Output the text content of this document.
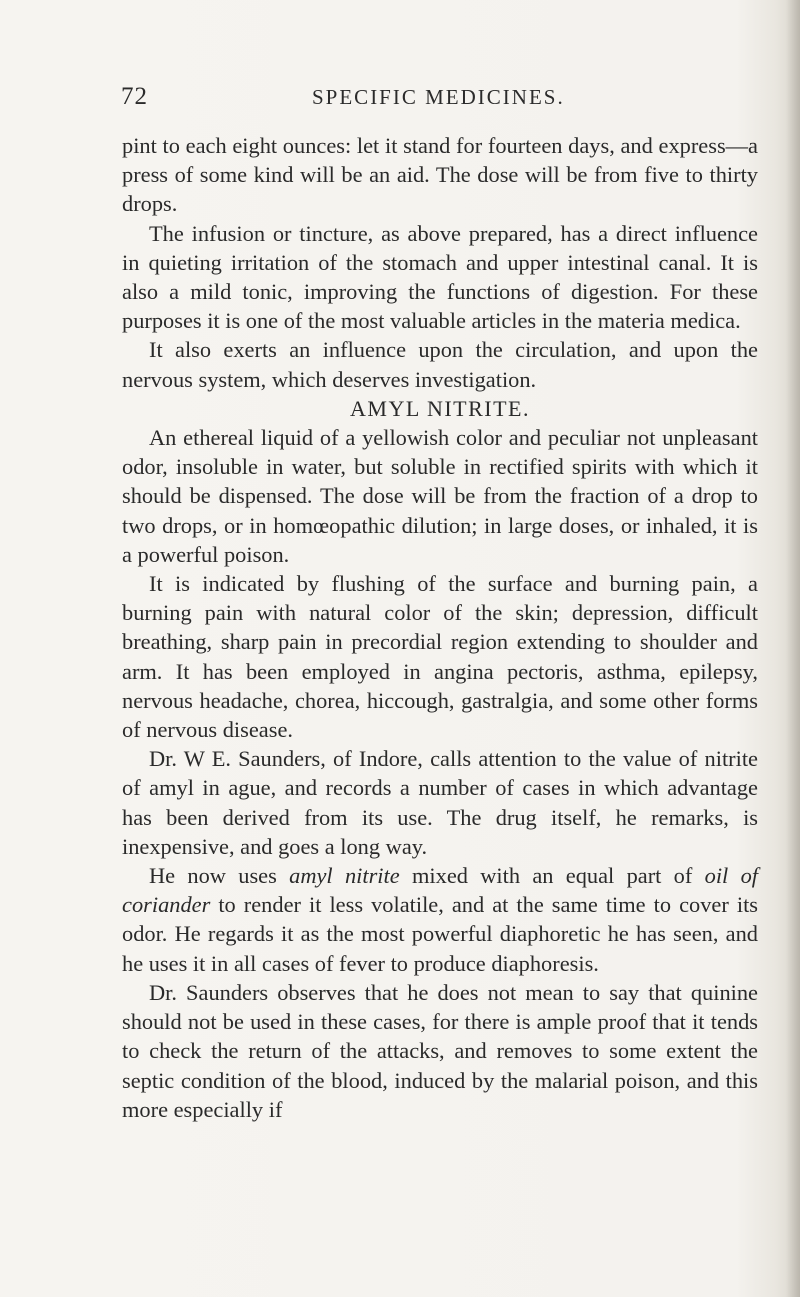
72	SPECIFIC MEDICINES.

pint to each eight ounces: let it stand for fourteen days, and express—a press of some kind will be an aid. The dose will be from five to thirty drops.

The infusion or tincture, as above prepared, has a direct influence in quieting irritation of the stomach and upper intestinal canal. It is also a mild tonic, improving the functions of digestion. For these purposes it is one of the most valuable articles in the materia medica.

It also exerts an influence upon the circulation, and upon the nervous system, which deserves investigation.

AMYL NITRITE.

An ethereal liquid of a yellowish color and peculiar not unpleasant odor, insoluble in water, but soluble in rectified spirits with which it should be dispensed. The dose will be from the fraction of a drop to two drops, or in homœopathic dilution; in large doses, or inhaled, it is a powerful poison.

It is indicated by flushing of the surface and burning pain, a burning pain with natural color of the skin; depression, difficult breathing, sharp pain in precordial region extending to shoulder and arm. It has been employed in angina pectoris, asthma, epilepsy, nervous headache, chorea, hiccough, gastralgia, and some other forms of nervous disease.

Dr. W E. Saunders, of Indore, calls attention to the value of nitrite of amyl in ague, and records a number of cases in which advantage has been derived from its use. The drug itself, he remarks, is inexpensive, and goes a long way.

He now uses amyl nitrite mixed with an equal part of oil of coriander to render it less volatile, and at the same time to cover its odor. He regards it as the most powerful diaphoretic he has seen, and he uses it in all cases of fever to produce diaphoresis.

Dr. Saunders observes that he does not mean to say that quinine should not be used in these cases, for there is ample proof that it tends to check the return of the attacks, and removes to some extent the septic condition of the blood, induced by the malarial poison, and this more especially if
